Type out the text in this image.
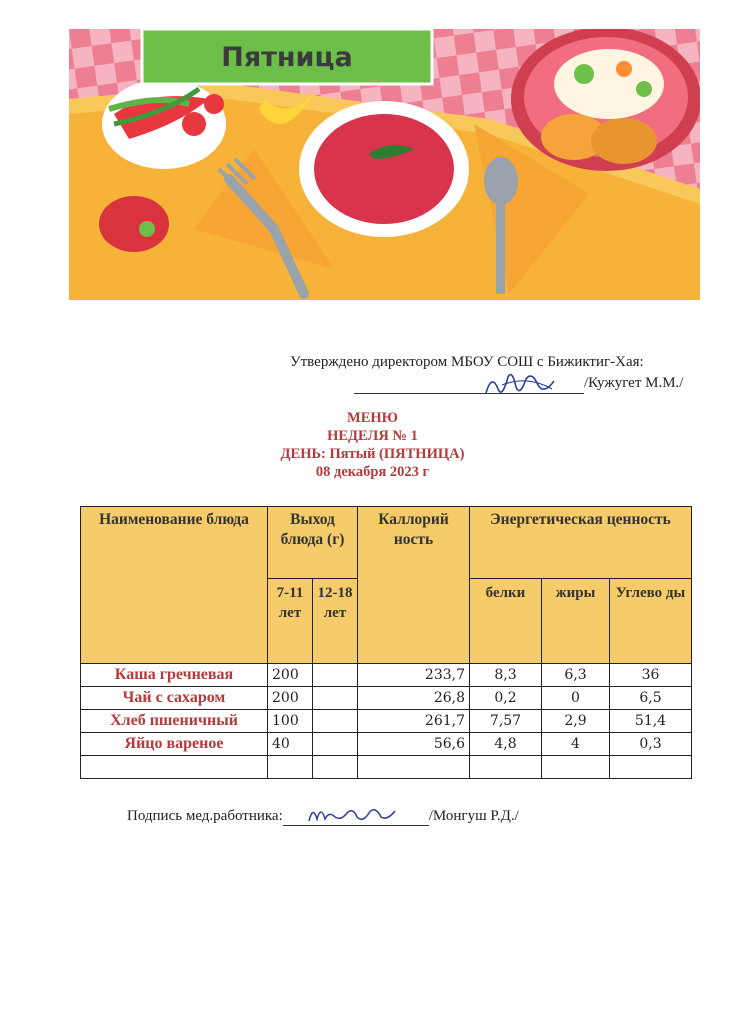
Пятница
Утверждено директором МБОУ СОШ с Бижиктиг-Хая:
/Кужугет М.М./
МЕНЮ
НЕДЕЛЯ № 1
ДЕНЬ: Пятый (ПЯТНИЦА)
08 декабря 2023 г
Наименование блюда	Выход блюда (г)		Каллорий ность	Энергетическая ценность		
	7-11 лет	12-18 лет		белки	жиры	Углево ды
Каша гречневая	200		233,7	8,3	6,3	36
Чай с сахаром	200		26,8	0,2	0	6,5
Хлеб пшеничный	100		261,7	7,57	2,9	51,4
Яйцо вареное	40		56,6	4,8	4	0,3

Подпись мед.работника:	/Монгуш Р.Д./
